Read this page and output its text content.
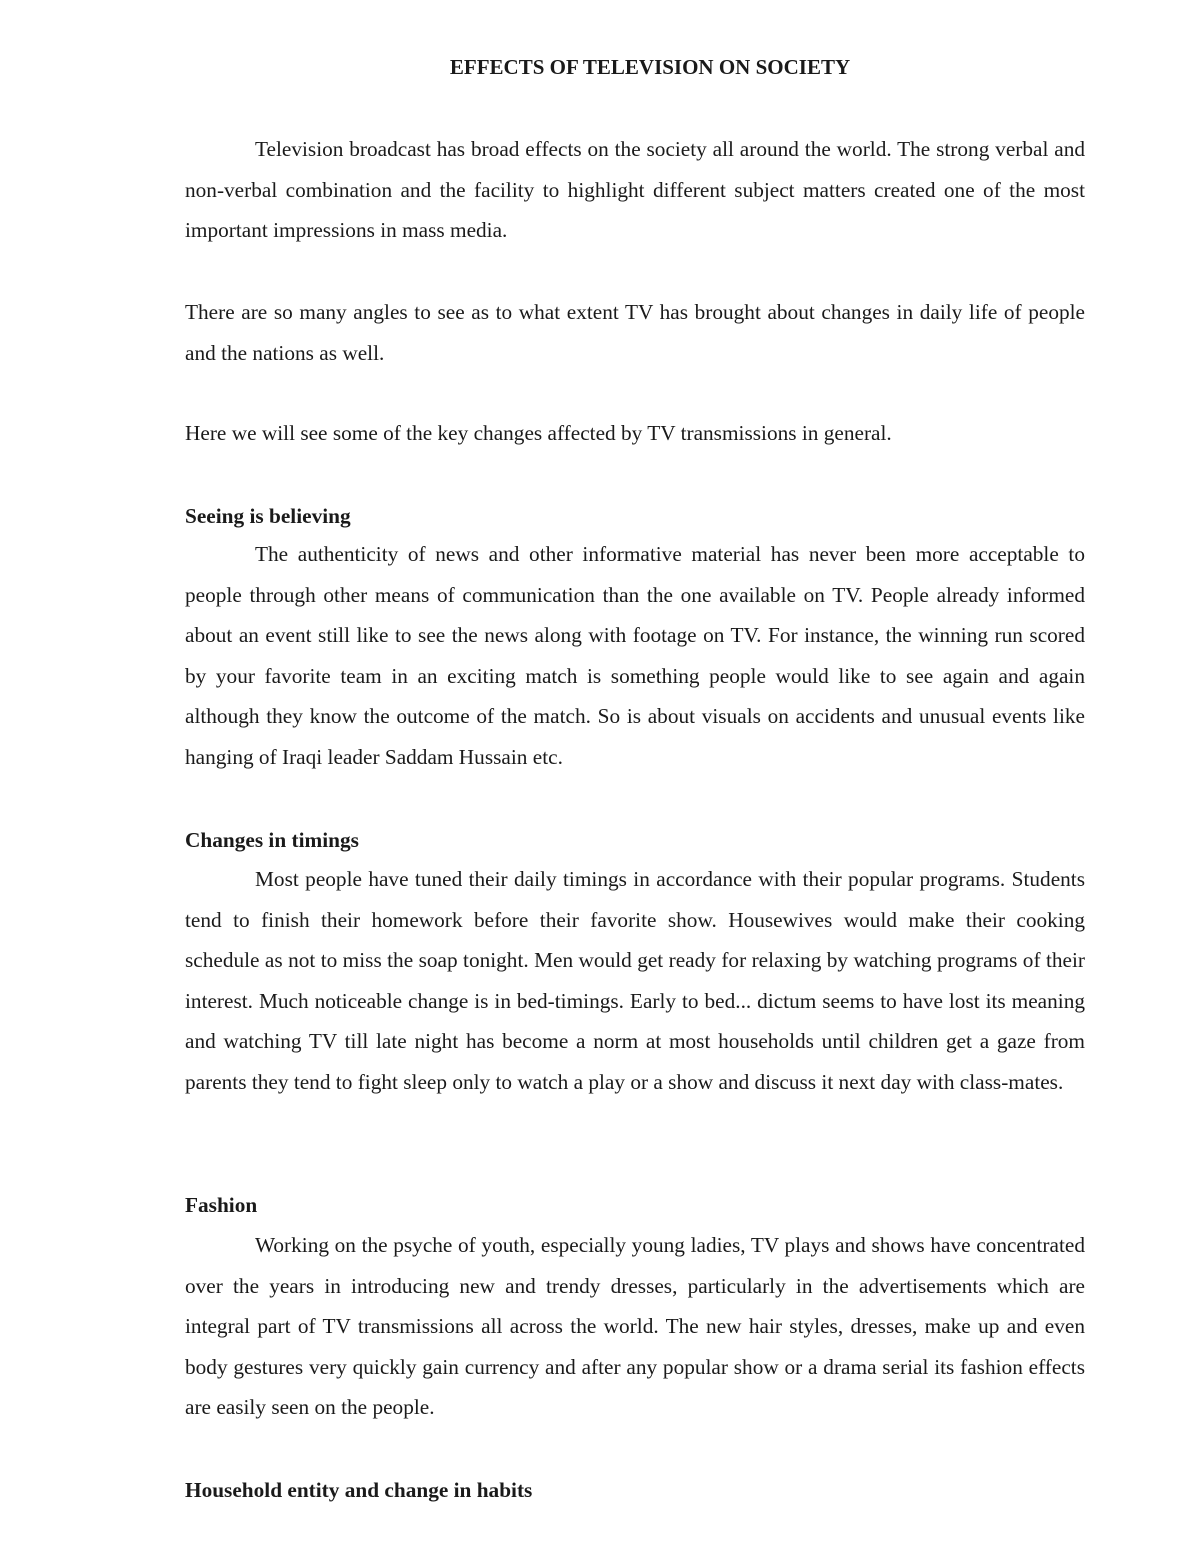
EFFECTS OF TELEVISION ON SOCIETY

Television broadcast has broad effects on the society all around the world. The strong verbal and non-verbal combination and the facility to highlight different subject matters created one of the most important impressions in mass media.

There are so many angles to see as to what extent TV has brought about changes in daily life of people and the nations as well.

Here we will see some of the key changes affected by TV transmissions in general.

Seeing is believing

The authenticity of news and other informative material has never been more acceptable to people through other means of communication than the one available on TV. People already informed about an event still like to see the news along with footage on TV. For instance, the winning run scored by your favorite team in an exciting match is something people would like to see again and again although they know the outcome of the match. So is about visuals on accidents and unusual events like hanging of Iraqi leader Saddam Hussain etc.

Changes in timings

Most people have tuned their daily timings in accordance with their popular programs. Students tend to finish their homework before their favorite show. Housewives would make their cooking schedule as not to miss the soap tonight. Men would get ready for relaxing by watching programs of their interest. Much noticeable change is in bed-timings. Early to bed... dictum seems to have lost its meaning and watching TV till late night has become a norm at most households until children get a gaze from parents they tend to fight sleep only to watch a play or a show and discuss it next day with class-mates.

Fashion

Working on the psyche of youth, especially young ladies, TV plays and shows have concentrated over the years in introducing new and trendy dresses, particularly in the advertisements which are integral part of TV transmissions all across the world. The new hair styles, dresses, make up and even body gestures very quickly gain currency and after any popular show or a drama serial its fashion effects are easily seen on the people.

Household entity and change in habits
